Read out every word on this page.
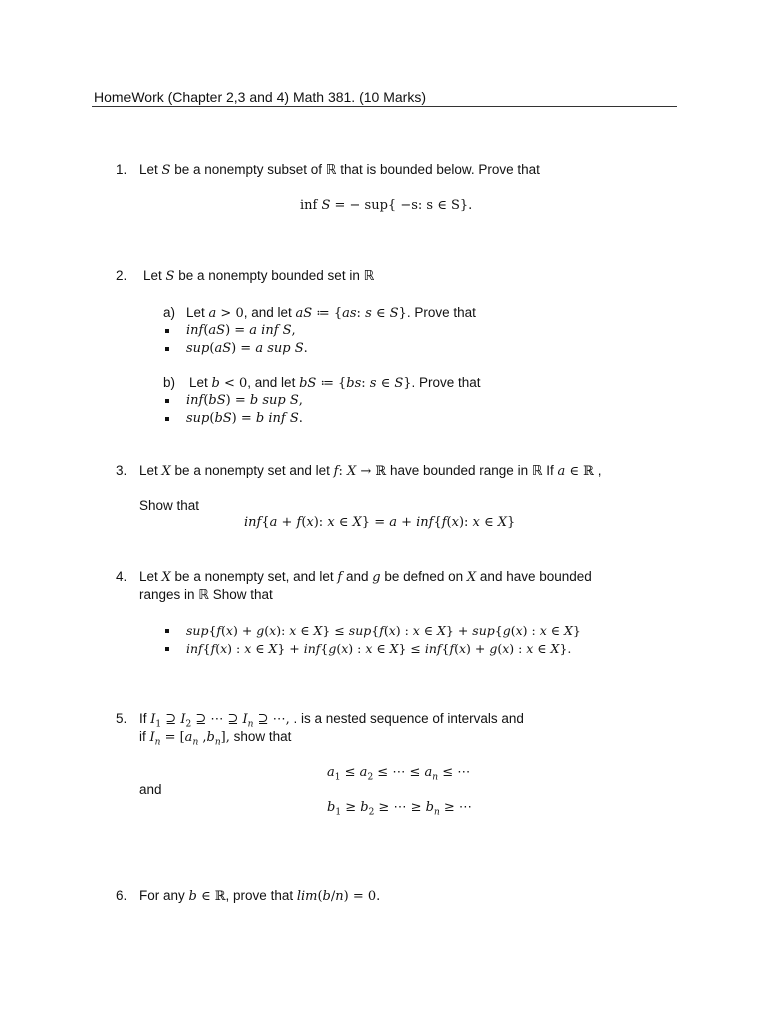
HomeWork (Chapter 2,3 and 4) Math 381. (10 Marks)
1. Let S be a nonempty subset of ℝ that is bounded below. Prove that
inf 𝑆 = − sup{ −s: s ∈ S}.
2. Let S be a nonempty bounded set in ℝ
a) Let 𝑎 > 0, and let 𝑎𝑆 ≔ {𝑎𝑠: 𝑠 ∈ 𝑆}. Prove that
𝑖𝑛𝑓(𝑎𝑆) = 𝑎 𝑖𝑛𝑓 𝑆,
𝑠𝑢𝑝(𝑎𝑆) = 𝑎 𝑠𝑢𝑝 𝑆.
b) Let 𝑏 < 0, and let 𝑏𝑆 ≔ {𝑏𝑠: 𝑠 ∈ 𝑆}. Prove that
𝑖𝑛𝑓(𝑏𝑆) = 𝑏 𝑠𝑢𝑝 𝑆,
𝑠𝑢𝑝(𝑏𝑆) = 𝑏 𝑖𝑛𝑓 𝑆.
3. Let 𝑋 be a nonempty set and let 𝑓: 𝑋 → ℝ have bounded range in ℝ If 𝑎 ∈ ℝ ,
Show that
𝑖𝑛𝑓{𝑎 + 𝑓(𝑥): 𝑥 ∈ 𝑋} = 𝑎 + 𝑖𝑛𝑓{𝑓(𝑥): 𝑥 ∈ 𝑋}
4. Let 𝑋 be a nonempty set, and let 𝑓 and 𝑔 be defned on 𝑋 and have bounded
ranges in ℝ Show that
𝑠𝑢𝑝{𝑓(𝑥) + 𝑔(𝑥): 𝑥 ∈ 𝑋} ≤ 𝑠𝑢𝑝{𝑓(𝑥) : 𝑥 ∈ 𝑋} + 𝑠𝑢𝑝{𝑔(𝑥) : 𝑥 ∈ 𝑋}
𝑖𝑛𝑓{𝑓(𝑥) : 𝑥 ∈ 𝑋} + 𝑖𝑛𝑓{𝑔(𝑥) : 𝑥 ∈ 𝑋} ≤ 𝑖𝑛𝑓{𝑓(𝑥) + 𝑔(𝑥) : 𝑥 ∈ 𝑋}.
5. If 𝐼$_1$ ⊇ 𝐼$_2$ ⊇ ⋯ ⊇ 𝐼$_𝑛$ ⊇ ⋯, . is a nested sequence of intervals and
if 𝐼$_𝑛$ = [𝑎$_𝑛$ ,𝑏$_𝑛$], show that
𝑎$_1$ ≤ 𝑎$_2$ ≤ ⋯ ≤ 𝑎$_𝑛$ ≤ ⋯
and
𝑏$_1$ ≥ 𝑏$_2$ ≥ ⋯ ≥ 𝑏$_𝑛$ ≥ ⋯
6. For any 𝑏 ∈ ℝ, prove that 𝑙𝑖𝑚(𝑏/𝑛) = 0.
